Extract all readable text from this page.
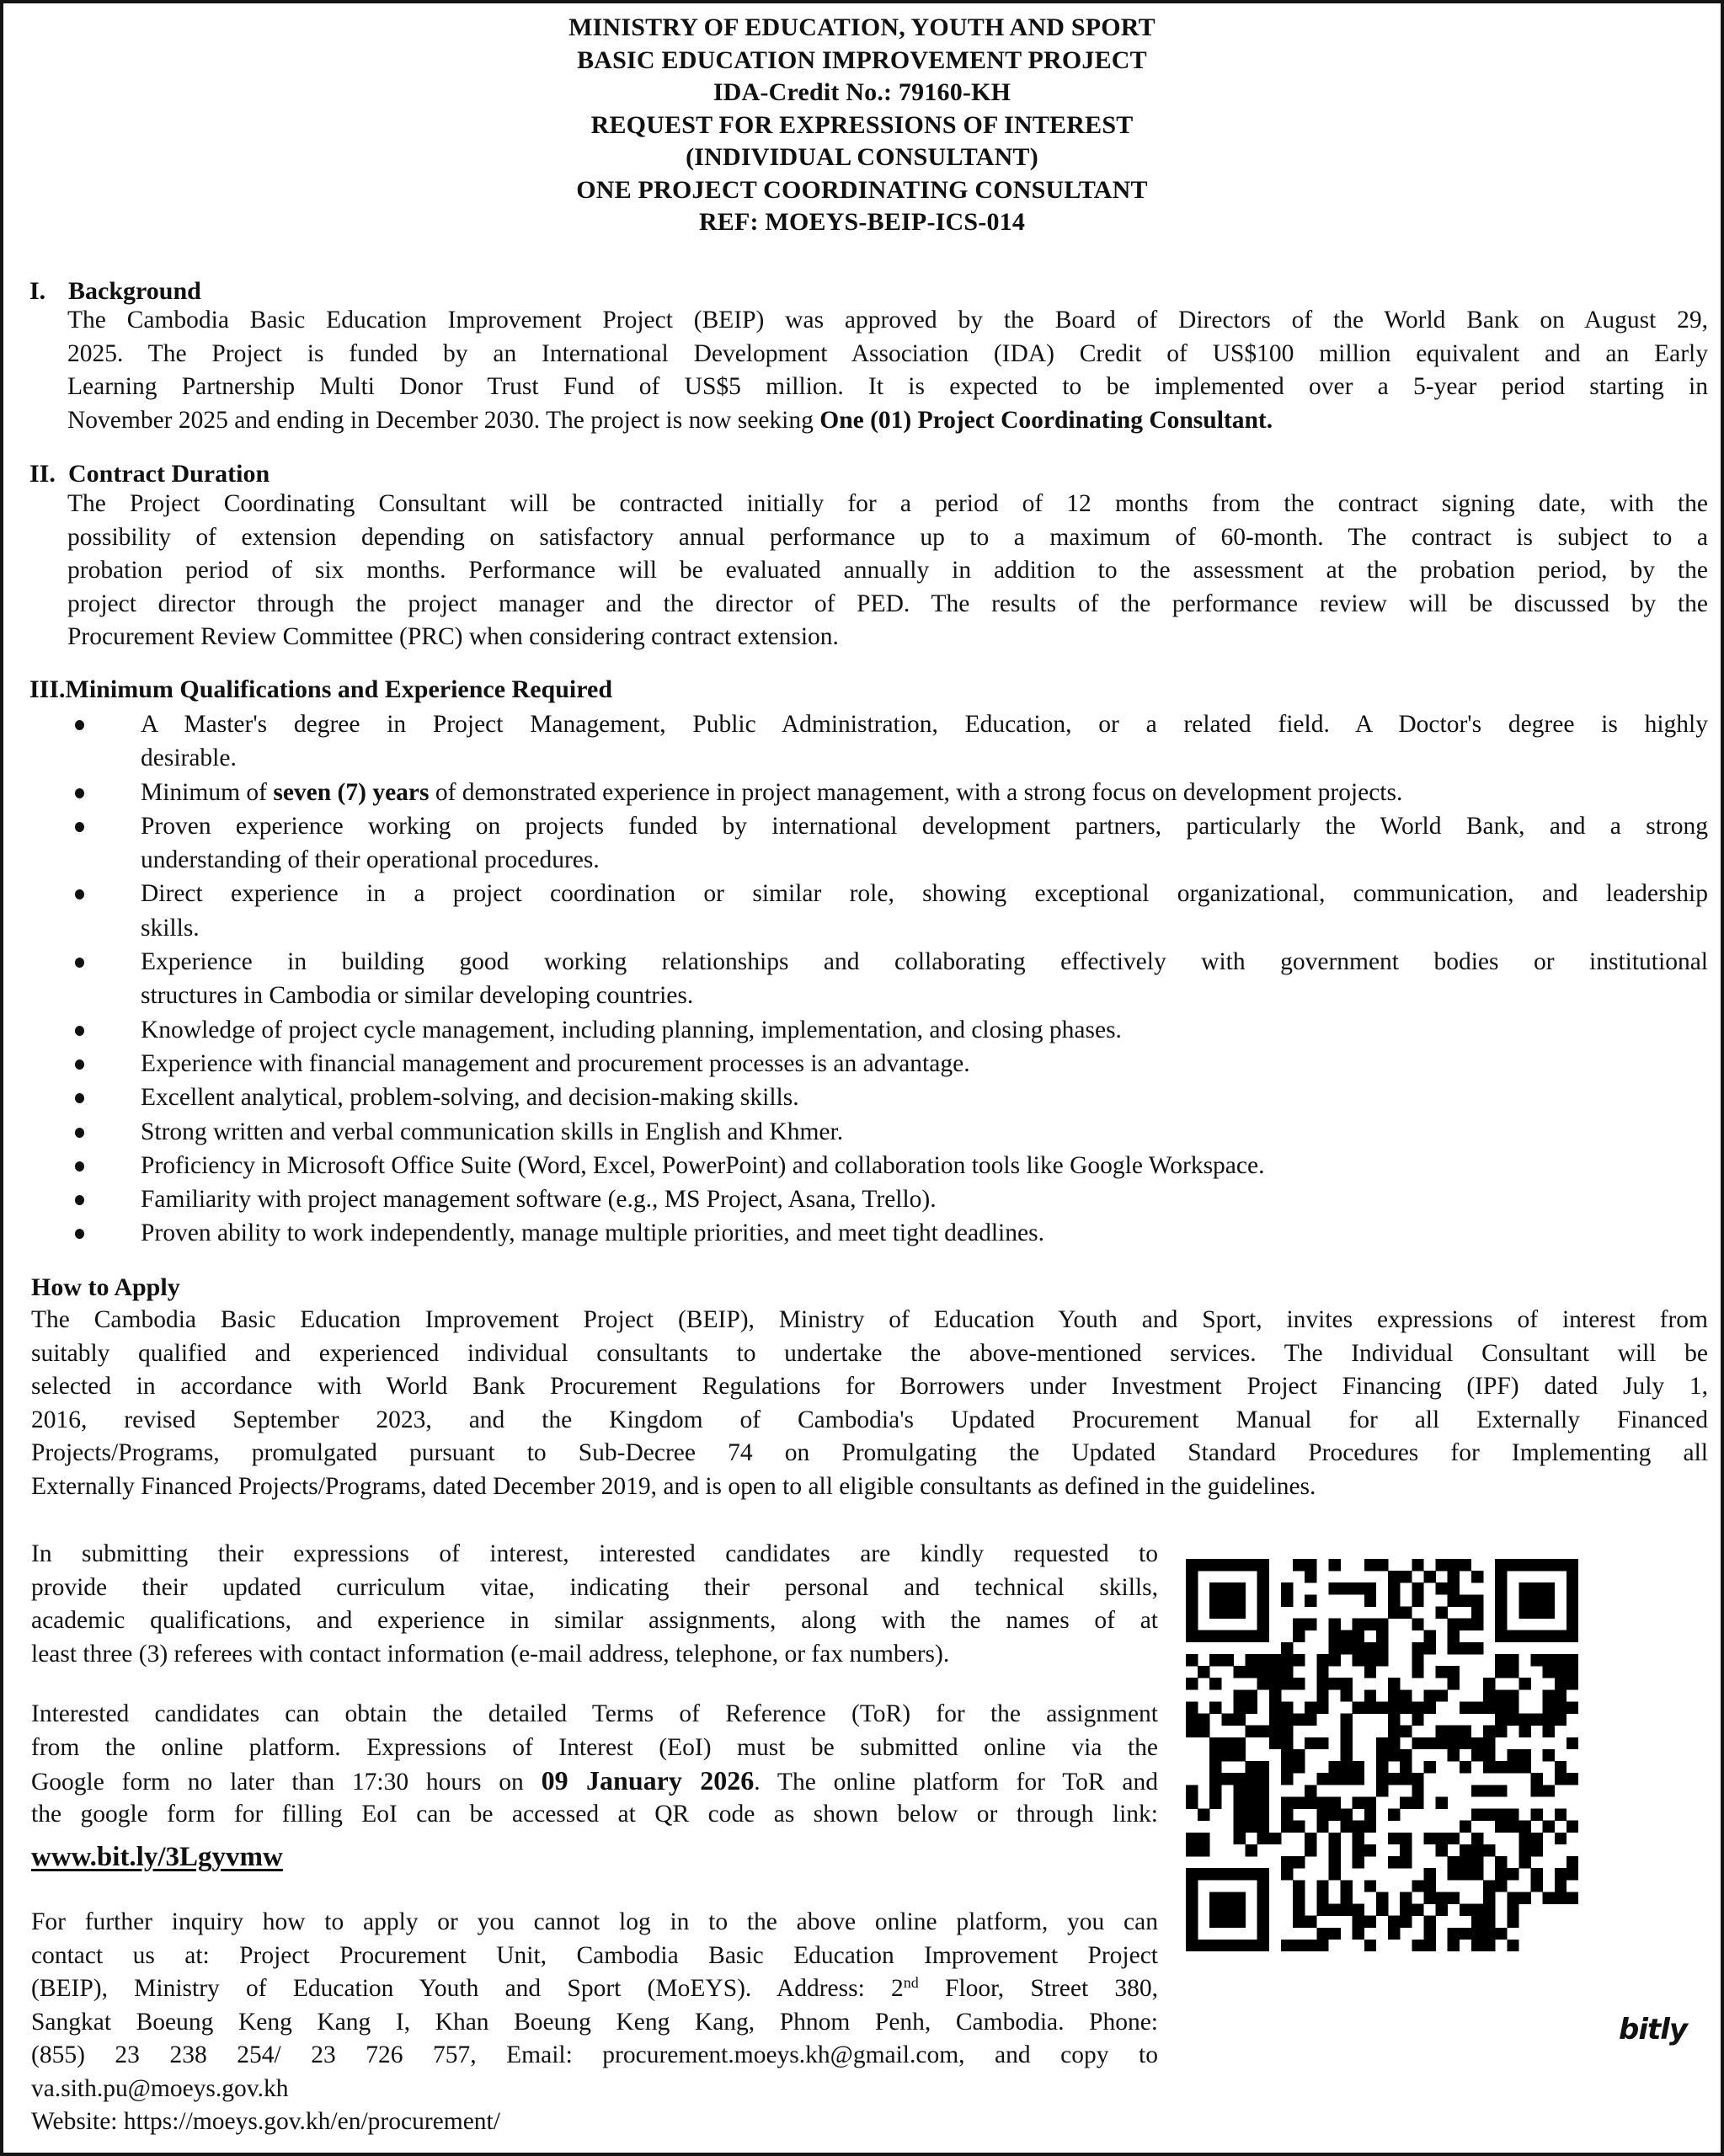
MINISTRY OF EDUCATION, YOUTH AND SPORT
BASIC EDUCATION IMPROVEMENT PROJECT
IDA-Credit No.: 79160-KH
REQUEST FOR EXPRESSIONS OF INTEREST
(INDIVIDUAL CONSULTANT)
ONE PROJECT COORDINATING CONSULTANT
REF: MOEYS-BEIP-ICS-014
I. Background
The Cambodia Basic Education Improvement Project (BEIP) was approved by the Board of Directors of the World Bank on August 29,
2025. The Project is funded by an International Development Association (IDA) Credit of US$100 million equivalent and an Early
Learning Partnership Multi Donor Trust Fund of US$5 million. It is expected to be implemented over a 5-year period starting in
November 2025 and ending in December 2030. The project is now seeking One (01) Project Coordinating Consultant.
II. Contract Duration
The Project Coordinating Consultant will be contracted initially for a period of 12 months from the contract signing date, with the
possibility of extension depending on satisfactory annual performance up to a maximum of 60-month. The contract is subject to a
probation period of six months. Performance will be evaluated annually in addition to the assessment at the probation period, by the
project director through the project manager and the director of PED. The results of the performance review will be discussed by the
Procurement Review Committee (PRC) when considering contract extension.
III.Minimum Qualifications and Experience Required
A Master's degree in Project Management, Public Administration, Education, or a related field. A Doctor's degree is highly
desirable.
Minimum of seven (7) years of demonstrated experience in project management, with a strong focus on development projects.
Proven experience working on projects funded by international development partners, particularly the World Bank, and a strong
understanding of their operational procedures.
Direct experience in a project coordination or similar role, showing exceptional organizational, communication, and leadership
skills.
Experience in building good working relationships and collaborating effectively with government bodies or institutional
structures in Cambodia or similar developing countries.
Knowledge of project cycle management, including planning, implementation, and closing phases.
Experience with financial management and procurement processes is an advantage.
Excellent analytical, problem-solving, and decision-making skills.
Strong written and verbal communication skills in English and Khmer.
Proficiency in Microsoft Office Suite (Word, Excel, PowerPoint) and collaboration tools like Google Workspace.
Familiarity with project management software (e.g., MS Project, Asana, Trello).
Proven ability to work independently, manage multiple priorities, and meet tight deadlines.
How to Apply
The Cambodia Basic Education Improvement Project (BEIP), Ministry of Education Youth and Sport, invites expressions of interest from
suitably qualified and experienced individual consultants to undertake the above-mentioned services. The Individual Consultant will be
selected in accordance with World Bank Procurement Regulations for Borrowers under Investment Project Financing (IPF) dated July 1,
2016, revised September 2023, and the Kingdom of Cambodia's Updated Procurement Manual for all Externally Financed
Projects/Programs, promulgated pursuant to Sub-Decree 74 on Promulgating the Updated Standard Procedures for Implementing all
Externally Financed Projects/Programs, dated December 2019, and is open to all eligible consultants as defined in the guidelines.
In submitting their expressions of interest, interested candidates are kindly requested to
provide their updated curriculum vitae, indicating their personal and technical skills,
academic qualifications, and experience in similar assignments, along with the names of at
least three (3) referees with contact information (e-mail address, telephone, or fax numbers).
Interested candidates can obtain the detailed Terms of Reference (ToR) for the assignment
from the online platform. Expressions of Interest (EoI) must be submitted online via the
Google form no later than 17:30 hours on 09 January 2026. The online platform for ToR and
the google form for filling EoI can be accessed at QR code as shown below or through link:
www.bit.ly/3Lgyvmw
For further inquiry how to apply or you cannot log in to the above online platform, you can
contact us at: Project Procurement Unit, Cambodia Basic Education Improvement Project
(BEIP), Ministry of Education Youth and Sport (MoEYS). Address: 2nd Floor, Street 380,
Sangkat Boeung Keng Kang I, Khan Boeung Keng Kang, Phnom Penh, Cambodia. Phone:
(855) 23 238 254/ 23 726 757, Email: procurement.moeys.kh@gmail.com, and copy to
va.sith.pu@moeys.gov.kh
Website: https://moeys.gov.kh/en/procurement/
bitly
